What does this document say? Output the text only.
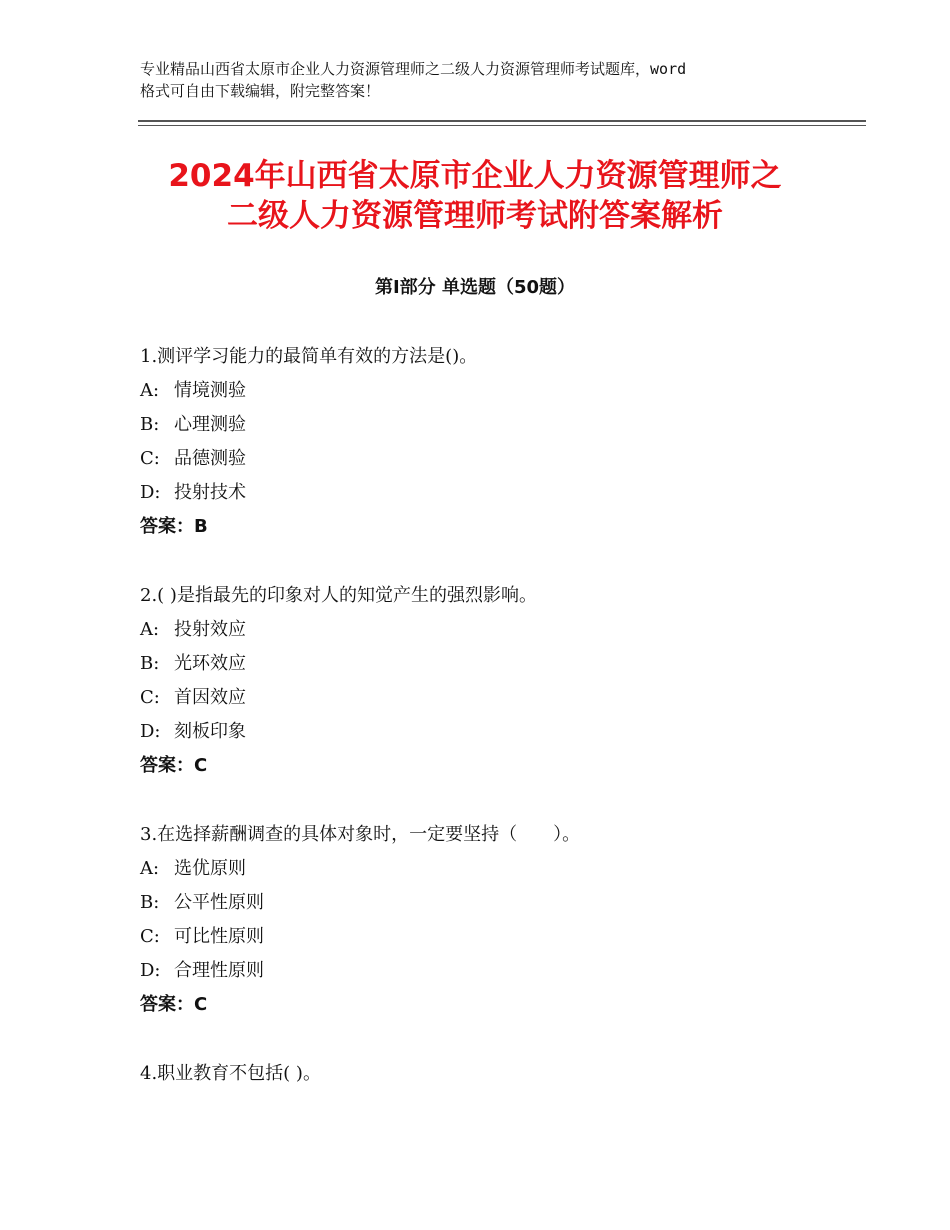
专业精品山西省太原市企业人力资源管理师之二级人力资源管理师考试题库，word
格式可自由下载编辑，附完整答案！
2024年山西省太原市企业人力资源管理师之
二级人力资源管理师考试附答案解析
第Ⅰ部分 单选题（50题）
1.测评学习能力的最简单有效的方法是()。
A: 情境测验
B: 心理测验
C: 品德测验
D: 投射技术
答案：B
2.( )是指最先的印象对人的知觉产生的强烈影响。
A: 投射效应
B: 光环效应
C: 首因效应
D: 刻板印象
答案：C
3.在选择薪酬调查的具体对象时，一定要坚持（　　）。
A: 选优原则
B: 公平性原则
C: 可比性原则
D: 合理性原则
答案：C
4.职业教育不包括( )。
